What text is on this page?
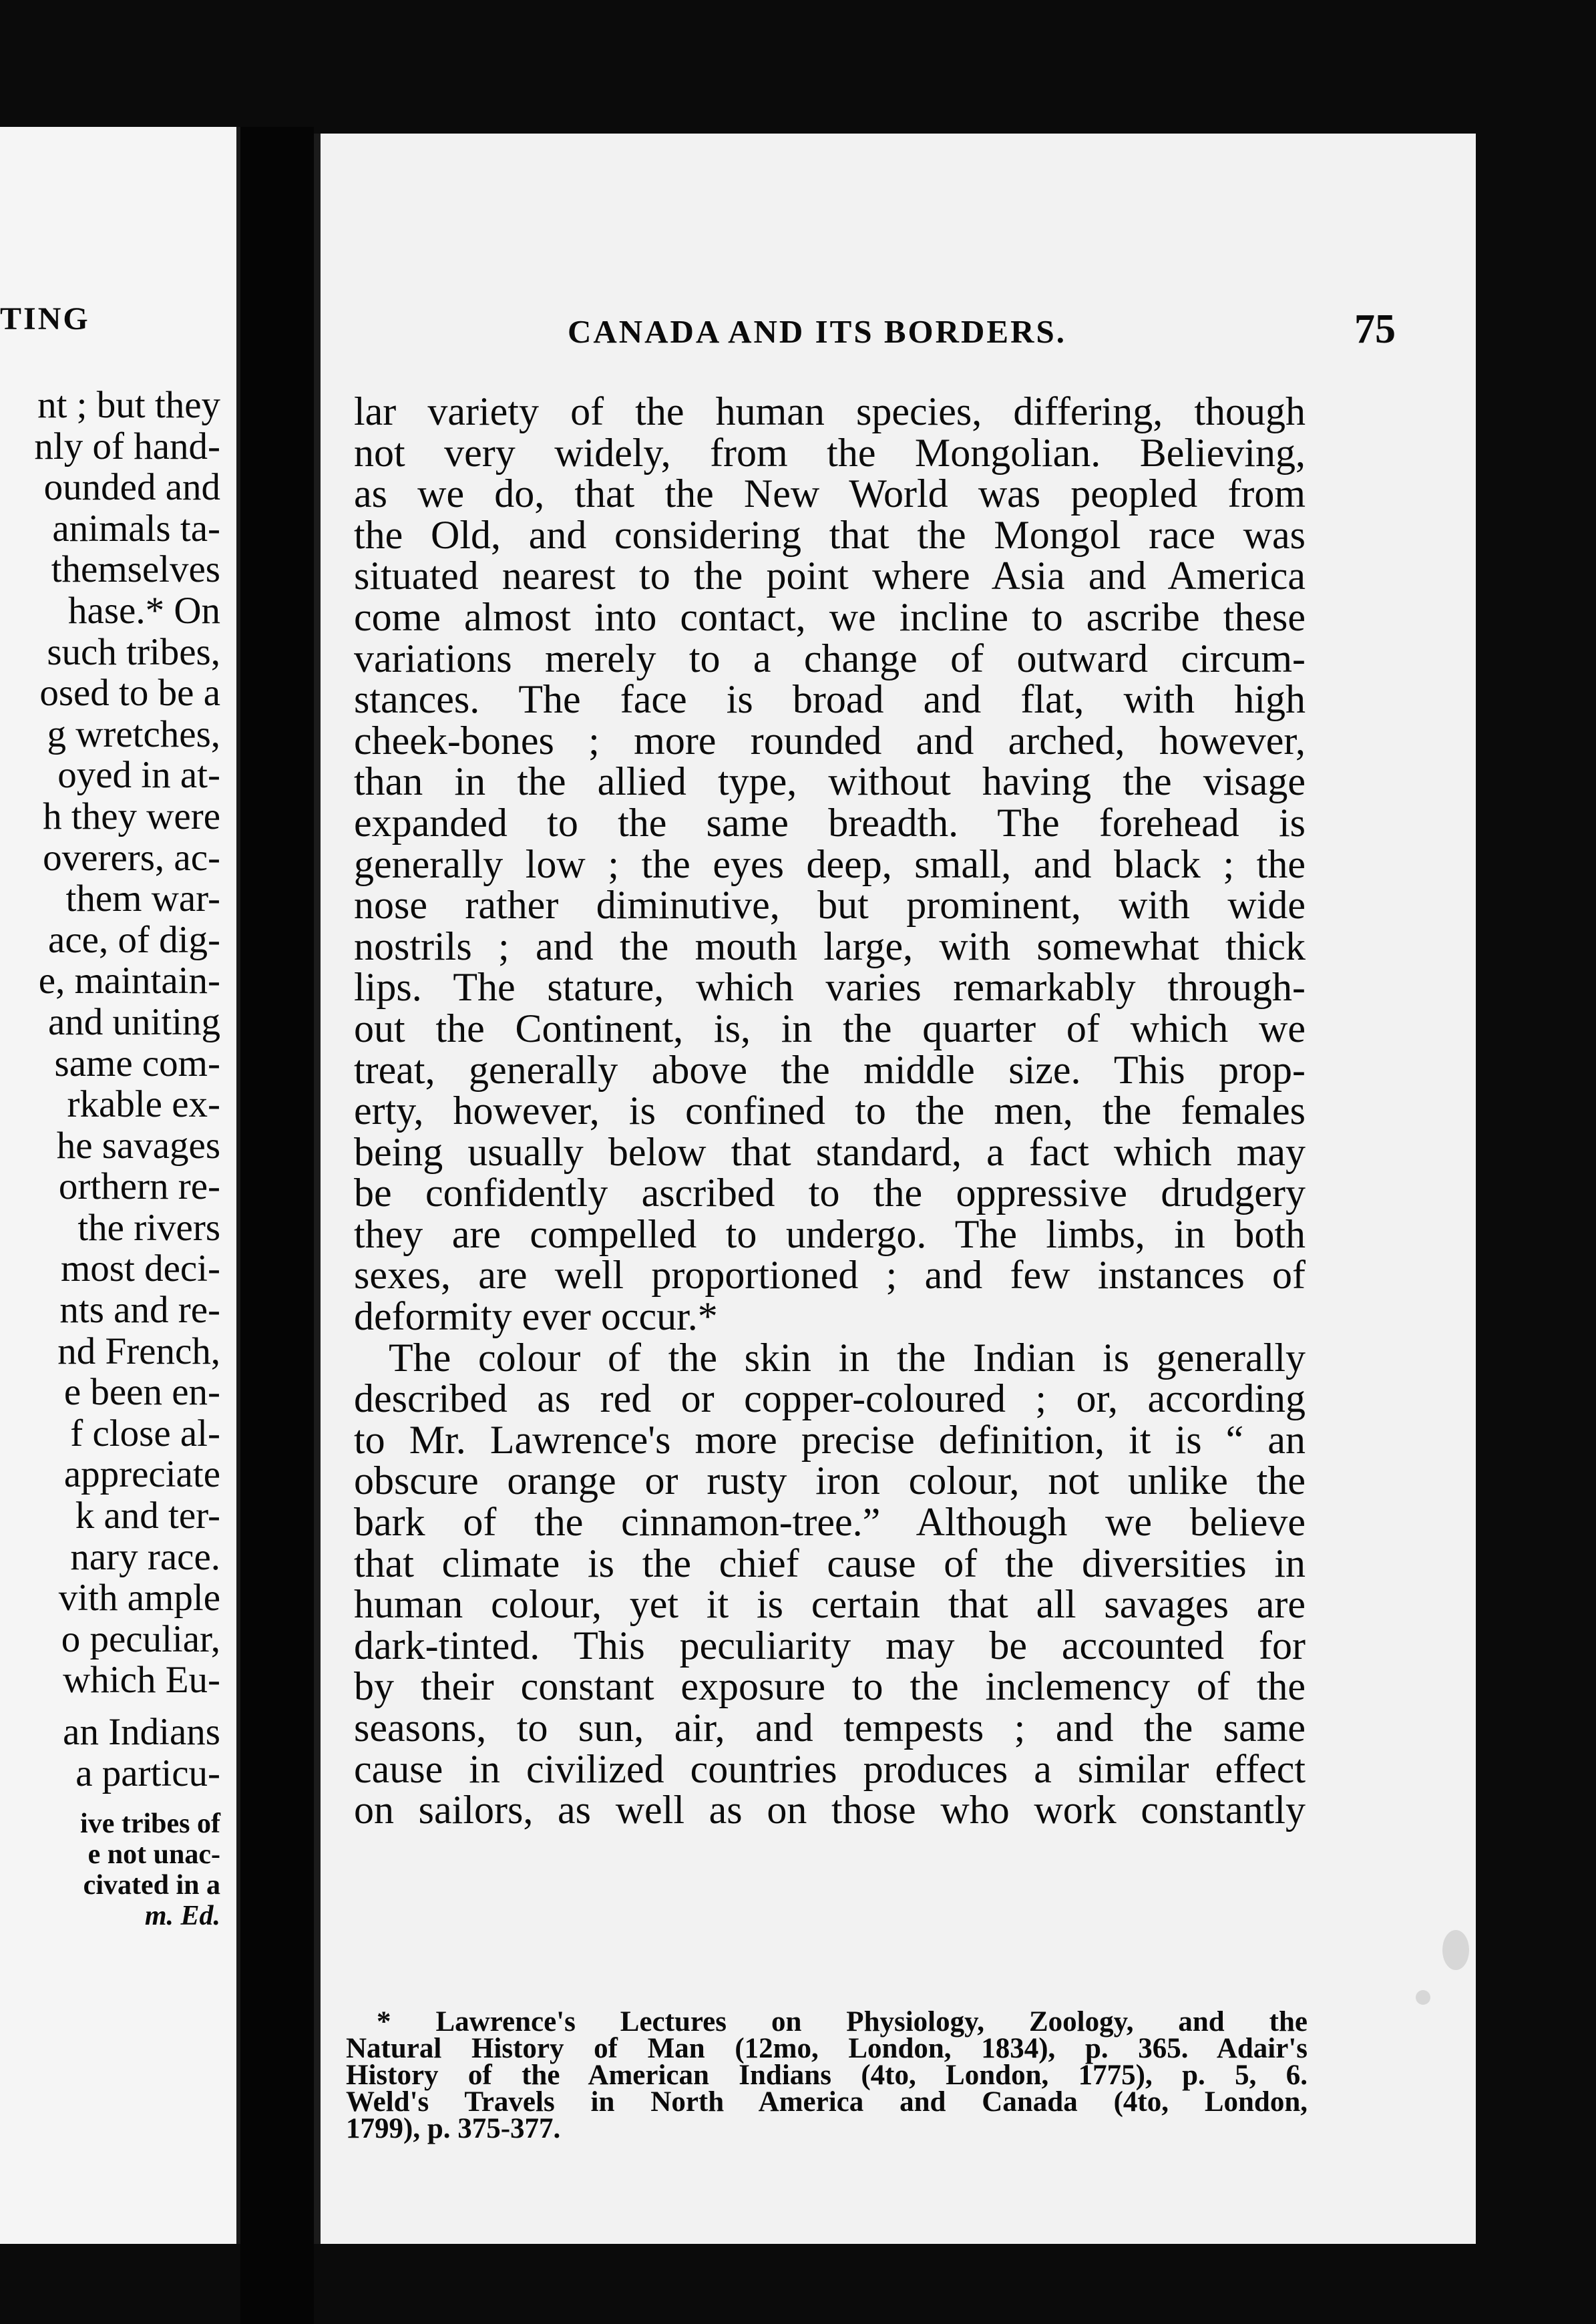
TING
nt ; but they
nly of hand-
ounded and
animals ta-
themselves
hase.* On
such tribes,
osed to be a
g wretches,
oyed in at-
h they were
overers, ac-
them war-
ace, of dig-
e, maintain-
and uniting
same com-
rkable ex-
he savages
orthern re-
the rivers
most deci-
nts and re-
nd French,
e been en-
f close al-
appreciate
k and ter-
nary race.
vith ample
o peculiar,
which Eu-
an Indians
a particu-
ive tribes of
e not unac-
civated in a
m. Ed.
CANADA AND ITS BORDERS.	75
lar variety of the human species, differing, though
not very widely, from the Mongolian. Believing,
as we do, that the New World was peopled from
the Old, and considering that the Mongol race was
situated nearest to the point where Asia and America
come almost into contact, we incline to ascribe these
variations merely to a change of outward circum-
stances. The face is broad and flat, with high
cheek-bones ; more rounded and arched, however,
than in the allied type, without having the visage
expanded to the same breadth. The forehead is
generally low ; the eyes deep, small, and black ; the
nose rather diminutive, but prominent, with wide
nostrils ; and the mouth large, with somewhat thick
lips. The stature, which varies remarkably through-
out the Continent, is, in the quarter of which we
treat, generally above the middle size. This prop-
erty, however, is confined to the men, the females
being usually below that standard, a fact which may
be confidently ascribed to the oppressive drudgery
they are compelled to undergo. The limbs, in both
sexes, are well proportioned ; and few instances of
deformity ever occur.*
The colour of the skin in the Indian is generally
described as red or copper-coloured ; or, according
to Mr. Lawrence's more precise definition, it is “ an
obscure orange or rusty iron colour, not unlike the
bark of the cinnamon-tree.” Although we believe
that climate is the chief cause of the diversities in
human colour, yet it is certain that all savages are
dark-tinted. This peculiarity may be accounted for
by their constant exposure to the inclemency of the
seasons, to sun, air, and tempests ; and the same
cause in civilized countries produces a similar effect
on sailors, as well as on those who work constantly
* Lawrence's Lectures on Physiology, Zoology, and the
Natural History of Man (12mo, London, 1834), p. 365. Adair's
History of the American Indians (4to, London, 1775), p. 5, 6.
Weld's Travels in North America and Canada (4to, London,
1799), p. 375-377.
